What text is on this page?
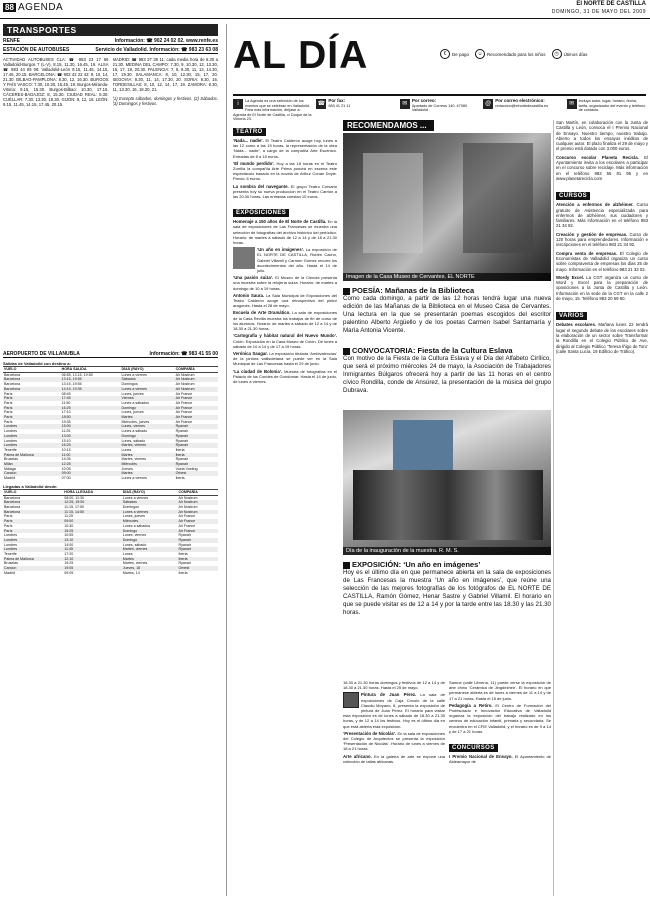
88 AGENDA	El NORTE DE CASTILLA
DOMINGO, 31 DE MAYO DEL 2009
TRANSPORTES
RENFE	Información: ☎ 902 24 02 02. www.renfe.es
ESTACIÓN DE AUTOBUSES	Servicio de Valladolid. Información: ☎ 983 23 63 08
ACTIVIDAD AUTOBUSES CLA: ☎ 983 23 17 66 Valladolid-Burgos 7 (L-V), 8.15, 11.30, 16.45, 19. ALSA ☎ 983 44 06 06: Valladolid-León 9.15, 11.45, 14.15, 17.45, 20.15. BARCELONA: ☎ 902 42 22 42: 9, 10, 14, 21.30. BILBAO-PAMPLONA: 8.30, 12, 16.30. BURGOS Y PAÍS VASCO: 7.30, 10.30, 15.45, 19. Burgos-Miranda-Vitoria: 9.15, 15.30. Burgos-Bilbao: 10.30, 17.15. CÁCERES-BADAJOZ: 8, 15.30. CIUDAD REAL: 9.30. CUÉLLAR: 7.30, 13.30, 19.30. GIJÓN: 9, 12, 18. LEÓN: 9.15, 11.45, 14.15, 17.45, 20.15.
MADRID: ☎ 983 27 39 11: cada media hora de 6.30 a 21.30. MEDINA DEL CAMPO: 7.30, 9, 10.30, 12, 13.30, 15, 17, 19, 20.30. PALENCIA: 7, 8, 9.30, 11, 13, 14.30, 17, 19.30. SALAMANCA: 8, 10, 12.30, 15, 17, 20. SEGOVIA: 8.30, 11, 14, 17.30, 20. SORIA: 9.30, 16. TORDESILLAS: 8, 10, 12, 14, 17, 19. ZAMORA: 8.30, 11, 13.30, 16, 18.30, 21.
(1) Excepto sábados, domingos y festivos. (2) Sábados. (3) Domingos y festivos.
AEROPUERTO DE VILLANUBLA	Información: ☎ 983 41 55 00
Salidas de Valladolid con destino a:
VUELO	HORA SALIDA	DÍAS (RAYO)	COMPAÑÍA
Barcelona	06:55, 13.15, 19.55	Lunes a viernes	Air Nostrum
Barcelona	13:15, 19:55	Sábados	Air Nostrum
Barcelona	13:15, 19:55	Domingos	Air Nostrum
Barcelona	14:15, 19:35	Lunes a viernes	Air Nostrum
París	08:45	Lunes, jueves	Air France
París	17:45	Viernes	Air France
París	11:50	Lunes a sábados	Air France
París	16:25	Domingo	Air France
París	17:10	Lunes, jueves	Air France
París	18:50	Martes	Air France
París	19:35	Miércoles, jueves	Air France
Londres	15:00	Lunes, viernes	Ryanair
Londres	11:25	Lunes a sábado	Ryanair
Londres	13:00	Domingo	Ryanair
Londres	15:10	Lunes, sábado	Ryanair
Londres	16:25	Martes, viernes	Ryanair
Tenerife	10:15	Lunes	Iberia
Palma de Mallorca	11:00	Martes	Iberia
Bruselas	14:35	Martes, viernes	Ryanair
Milán	12:25	Miércoles	Ryanair
Málaga	10:05	Jueves	Vuela Vueling
Cancún	09:00	Martes	Orbest
Madrid	07:00	Lunes a viernes	Iberia
Llegadas a Valladolid desde:
VUELO	HORA LLEGADA	DÍAS (RAYO)	COMPAÑÍA
Barcelona	08:00, 11:30	Lunes a viernes	Air Nostrum
Barcelona	12:25, 19:00	Sábados	Air Nostrum
Barcelona	11:15, 17:50	Domingos	Air Nostrum
Barcelona	11:15, 14:50	Lunes a viernes	Air Nostrum
París	11:25	Lunes, jueves	Air France
París	09:00	Miércoles	Air France
París	10:30	Lunes a sábados	Air France
París	15:25	Domingo	Air France
Londres	10:55	Lunes, viernes	Ryanair
Londres	13:10	Domingo	Ryanair
Londres	14:00	Lunes, sábado	Ryanair
Londres	11:45	Martes, viernes	Ryanair
Tenerife	17:20	Lunes	Iberia
Palma de Mallorca	12:10	Martes	Iberia
Bruselas	19:25	Martes, viernes	Ryanair
Cancún	19:05	Jueves, 18	Orbest
Madrid	09:05	Martes, 14	Iberia
AL DÍA	€	De pago	☺ Recomendado para los niños	◷	Útimos días
i	La Agenda es una selección de los eventos que se celebran en Valladolid. Para más información, diríjase a: Agenda de El Norte de Castilla, c/ Duque de la Victoria 23.
☎
Por fax:
983 41 21 11	✉
Por correo:
Apartado de Correos 140. 47080 Valladolid
@
Por correo electrónico:
redaccion@elnortedecastilla.es	✉	Incluya autor, lugar, horario, fecha, tarifa, organizador del evento y teléfono de contacto.
TEATRO
‘Nada... nadie’. El Teatro Calderón acoge hoy, lunes a las 12 como a las 19 horas, la representación de la obra ‘Nada... nadie’, a cargo de la compañía Arte Escénico. Entradas de 8 a 15 euros.
‘El mundo perdido’. Hoy a las 18 horas en el Teatro Zorrilla la compañía Arte Prima pondrá en escena este espectáculo basado en la novela de Arthur Conan Doyle. Precio: 6 euros.
La sombra del navegante. El grupo Teatro Corsario presenta hoy su nueva producción en el Teatro Carrión a las 20.30 horas. Las entradas cuestan 10 euros.
EXPOSICIONES
Homenaje a 150 años de El Norte de Castilla. En la sala de exposiciones de Las Francesas se muestra una selección de fotografías del archivo histórico del periódico. Horario: de martes a sábado de 12 a 14 y de 18 a 21.30 horas.
‘Un año en imágenes’. La exposición de EL NORTE DE CASTILLA, Rubén Cacho, Gabriel Villamil y Carmen Gómez recorre los acontecimientos del año. Hasta el 14 de julio.
‘Una pasión suiza’. El Museo de la Ciencia presenta una muestra sobre la relojería suiza. Horario: de martes a domingo de 10 a 19 horas.
Antonio Saura. La Sala Municipal de Exposiciones del Teatro Calderón acoge una retrospectiva del pintor aragonés. Hasta el 28 de mayo.
Escuela de Arte Dramático. La sala de exposiciones de la Casa Revilla muestra los trabajos de fin de curso de los alumnos. Horario: de martes a sábado de 12 a 14 y de 18.30 a 21.30 horas.
‘Cartografía y hábitat natural del Nuevo Mundo’. Colón. Exposición en la Casa Museo de Colón. De lunes a sábado de 10 a 14 y de 17 a 19 horas.
Verónica Saugar. La exposición titulada ‘Ambivalencias’ de la pintora vallisoletana se puede ver en la Sala Municipal de Las Francesas hasta el 29 de junio.
‘La ciudad de Bolonia’. Muestra de fotografías en el Palacio de los Condes de Gondomar. Hasta el 14 de junio, de lunes a viernes.
RECOMENDAMOS ...
Imagen de la Casa Museo de Cervantes. EL NORTE
POESÍA: Mañanas de la Biblioteca
Como cada domingo, a partir de las 12 horas tendrá lugar una nueva edición de las Mañanas de la Biblioteca en el Museo Casa de Cervantes. Una lectura en la que se presentarán poemas escogidos del escritor palentino Alberto Argüello y de los poetas Carmen Isabel Santamaría y María Antonia Vicente.
CONVOCATORIA: Fiesta de la Cultura Eslava
Con motivo de la Fiesta de la Cultura Eslava y el Día del Alfabeto Cirílico, que será el próximo miércoles 24 de mayo, la Asociación de Trabajadores Inmigrantes Búlgaros ofrecerá hoy a partir de las 11 horas en el centro cívico Rondilla, conde de Ansúrez, la presentación de la música del grupo Dubrava.
Día de la inauguración de la muestra. R. M. S.
EXPOSICIÓN: ‘Un año en imágenes’
Hoy es el último día en que permanece abierta en la sala de exposiciones de Las Francesas la muestra ‘Un año en imágenes’, que reúne una selección de las mejores fotografías de los fotógrafos de EL NORTE DE CASTILLA, Ramón Gómez, Henar Sastre y Gabriel Villamil. El horario en que se puede visitar es de 12 a 14 y por la tarde entre las 18.30 y las 21.30 horas.
18.30 a 21.30 horas domingos y festivos de 12 a 14 y de 18.30 a 21.30 horas. Hasta el 25 de mayo.
Pintura de Juan Pérez. La sala de exposiciones de Caja Círculo de la calle Claudio Moyano, 8, presenta la exposición de pintura de Juan Pérez. El horario para visitar esta exposición es de lunes a sábado de 18.30 a 21.30 horas, y de 12 a 14 los festivos. Hoy es el último día en que está abierta esta exposición.
‘Presentación de Nicolás’. En la sala de exposiciones del Colegio de Arquitectos se presenta la exposición ‘Presentación de Nicolás’. Horario de lunes a viernes de 18 a 21 horas.
Arte africano. En la galería de arte se expone una colección de tallas africanas.
Samue (calle Librería, 11) puede verse la exposición de arte chino ‘Cerámica de Jingdezhen’. El horario en que permanece abierta es de lunes a viernes de 11 a 14 y de 17 a 21 horas. Hasta el 15 de junio.
Pedagogía a Retiro. El Centro de Formación del Profesorado e Innovación Educativa de Valladolid organiza la exposición del trabajo realizado en los centros de educación infantil, primaria y secundaria. Se encuentra en el CFIE Valladolid, y el horario es de 9 a 14 y de 17 a 21 horas.
CONCURSOS
I Premio Nacional de Ensayo. El Ayuntamiento de Aldeamayor de
San Martín, en colaboración con la Junta de Castilla y León, convoca el I Premio Nacional de Ensayo. Nuestro tiempo, nuestro trabajo. Abierto a todos los ensayos inéditos de cualquier autor. El plazo finaliza el 29 de mayo y el premio está dotado con 3.000 euros.
Concurso escolar Planeta Recicla. El Ayuntamiento invita a los escolares a participar en el concurso sobre reciclaje. Más información en el teléfono 983 55 81 95 y en www.planetarecicla.com
CURSOS
Atención a enfermos de alzhéimer. Curso gratuito de Asistencia especializada para enfermos de alzhéimer, sus cuidadores y familiares. Más información en el teléfono 983 21 34 92.
Creación y gestión de empresas. Curso de 120 horas para emprendedores. Información e inscripciones en el teléfono 983 21 34 92.
Compra venta de empresas. El Colegio de Economistas de Valladolid organiza un curso sobre compraventa de empresas los días 25 de mayo. Información en el teléfono 983 21 33 02.
Wordy Excel. La CGT organiza un curso de Word y Excel para la preparación de oposiciones a la Junta de Castilla y León. Información en la sede de la CGT en la calle 2 de mayo, 15. Teléfono 983 20 59 60.
VARIOS
Debates escolares. Mañana lunes 22 tendrá lugar el segundo debate de los escolares sobre la elaboración de un sector sobre Transformar la Rondilla en el Colegio Público de Ave, dirigido al Colegio Público ‘Teresa Íñigo de Toro’ (calle Santa Lucía, 19 Edificio de Tráfico).
